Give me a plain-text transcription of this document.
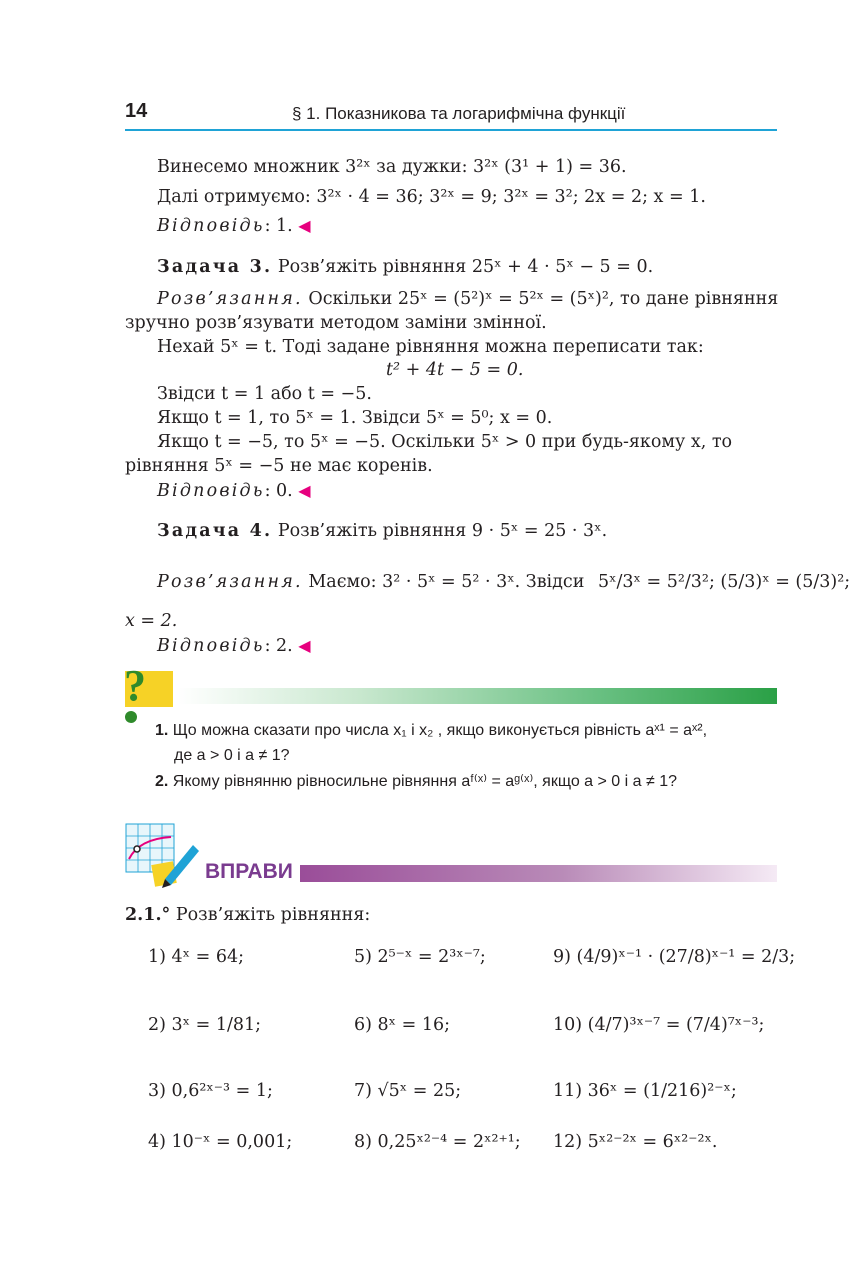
14	§ 1. Показникова та логарифмічна функції
Винесемо множник 3²ˣ за дужки: 3²ˣ (3¹ + 1) = 36.
Далі отримуємо: 3²ˣ · 4 = 36; 3²ˣ = 9; 3²ˣ = 3²; 2x = 2; x = 1.
Відповідь: 1. ◀
Задача 3. Розв’яжіть рівняння 25ˣ + 4 · 5ˣ − 5 = 0.
Розв’язання. Оскільки 25ˣ = (5²)ˣ = 5²ˣ = (5ˣ)², то дане рівняння
зручно розв’язувати методом заміни змінної.
Нехай 5ˣ = t. Тоді задане рівняння можна переписати так:
t² + 4t − 5 = 0.
Звідси t = 1 або t = −5.
Якщо t = 1, то 5ˣ = 1. Звідси 5ˣ = 5⁰; x = 0.
Якщо t = −5, то 5ˣ = −5. Оскільки 5ˣ > 0 при будь-якому x, то
рівняння 5ˣ = −5 не має коренів.
Відповідь: 0. ◀
Задача 4. Розв’яжіть рівняння 9 · 5ˣ = 25 · 3ˣ.
Розв’язання. Маємо: 3² · 5ˣ = 5² · 3ˣ. Звідси 5ˣ/3ˣ = 5²/3²; (5/3)ˣ = (5/3)²;
x = 2.
Відповідь: 2. ◀
?
1. Що можна сказати про числа x₁ і x₂ , якщо виконується рівність aˣ¹ = aˣ²,
де a > 0 і a ≠ 1?
2. Якому рівнянню рівносильне рівняння aᶠ⁽ˣ⁾ = aᵍ⁽ˣ⁾, якщо a > 0 і a ≠ 1?
ВПРАВИ
2.1.° Розв’яжіть рівняння:
1) 4ˣ = 64;	5) 2⁵⁻ˣ = 2³ˣ⁻⁷;	9) (4/9)ˣ⁻¹ · (27/8)ˣ⁻¹ = 2/3;
2) 3ˣ = 1/81;	6) 8ˣ = 16;	10) (4/7)³ˣ⁻⁷ = (7/4)⁷ˣ⁻³;
3) 0,6²ˣ⁻³ = 1;	7) √5ˣ = 25;	11) 36ˣ = (1/216)²⁻ˣ;
4) 10⁻ˣ = 0,001;	8) 0,25ˣ²⁻⁴ = 2ˣ²⁺¹; 12) 5ˣ²⁻²ˣ = 6ˣ²⁻²ˣ.
